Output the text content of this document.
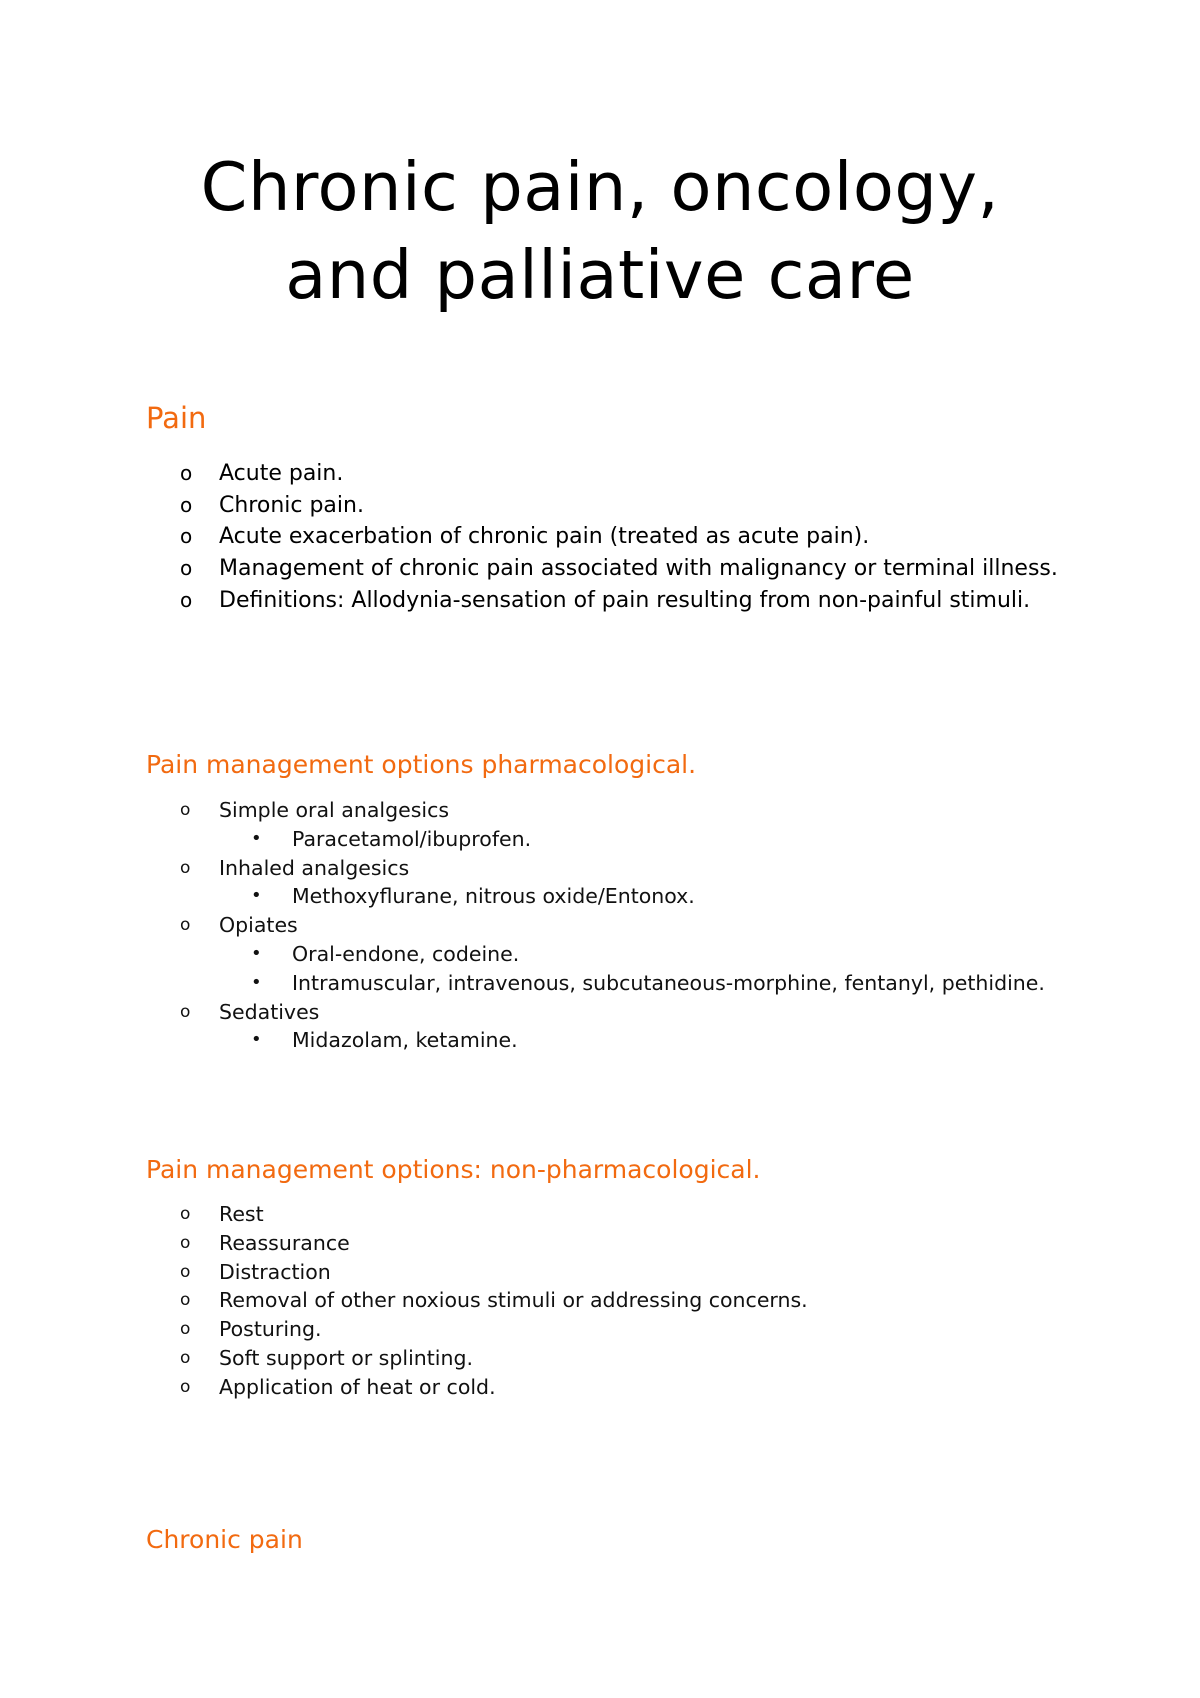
Chronic pain, oncology,
and palliative care
Pain
o Acute pain.
o Chronic pain.
o Acute exacerbation of chronic pain (treated as acute pain).
o Management of chronic pain associated with malignancy or terminal illness.
o Definitions: Allodynia-sensation of pain resulting from non-painful stimuli.
Pain management options pharmacological.
o Simple oral analgesics
• Paracetamol/ibuprofen.
o Inhaled analgesics
• Methoxyflurane, nitrous oxide/Entonox.
o Opiates
• Oral-endone, codeine.
• Intramuscular, intravenous, subcutaneous-morphine, fentanyl, pethidine.
o Sedatives
• Midazolam, ketamine.
Pain management options: non-pharmacological.
o Rest
o Reassurance
o Distraction
o Removal of other noxious stimuli or addressing concerns.
o Posturing.
o Soft support or splinting.
o Application of heat or cold.
Chronic pain
